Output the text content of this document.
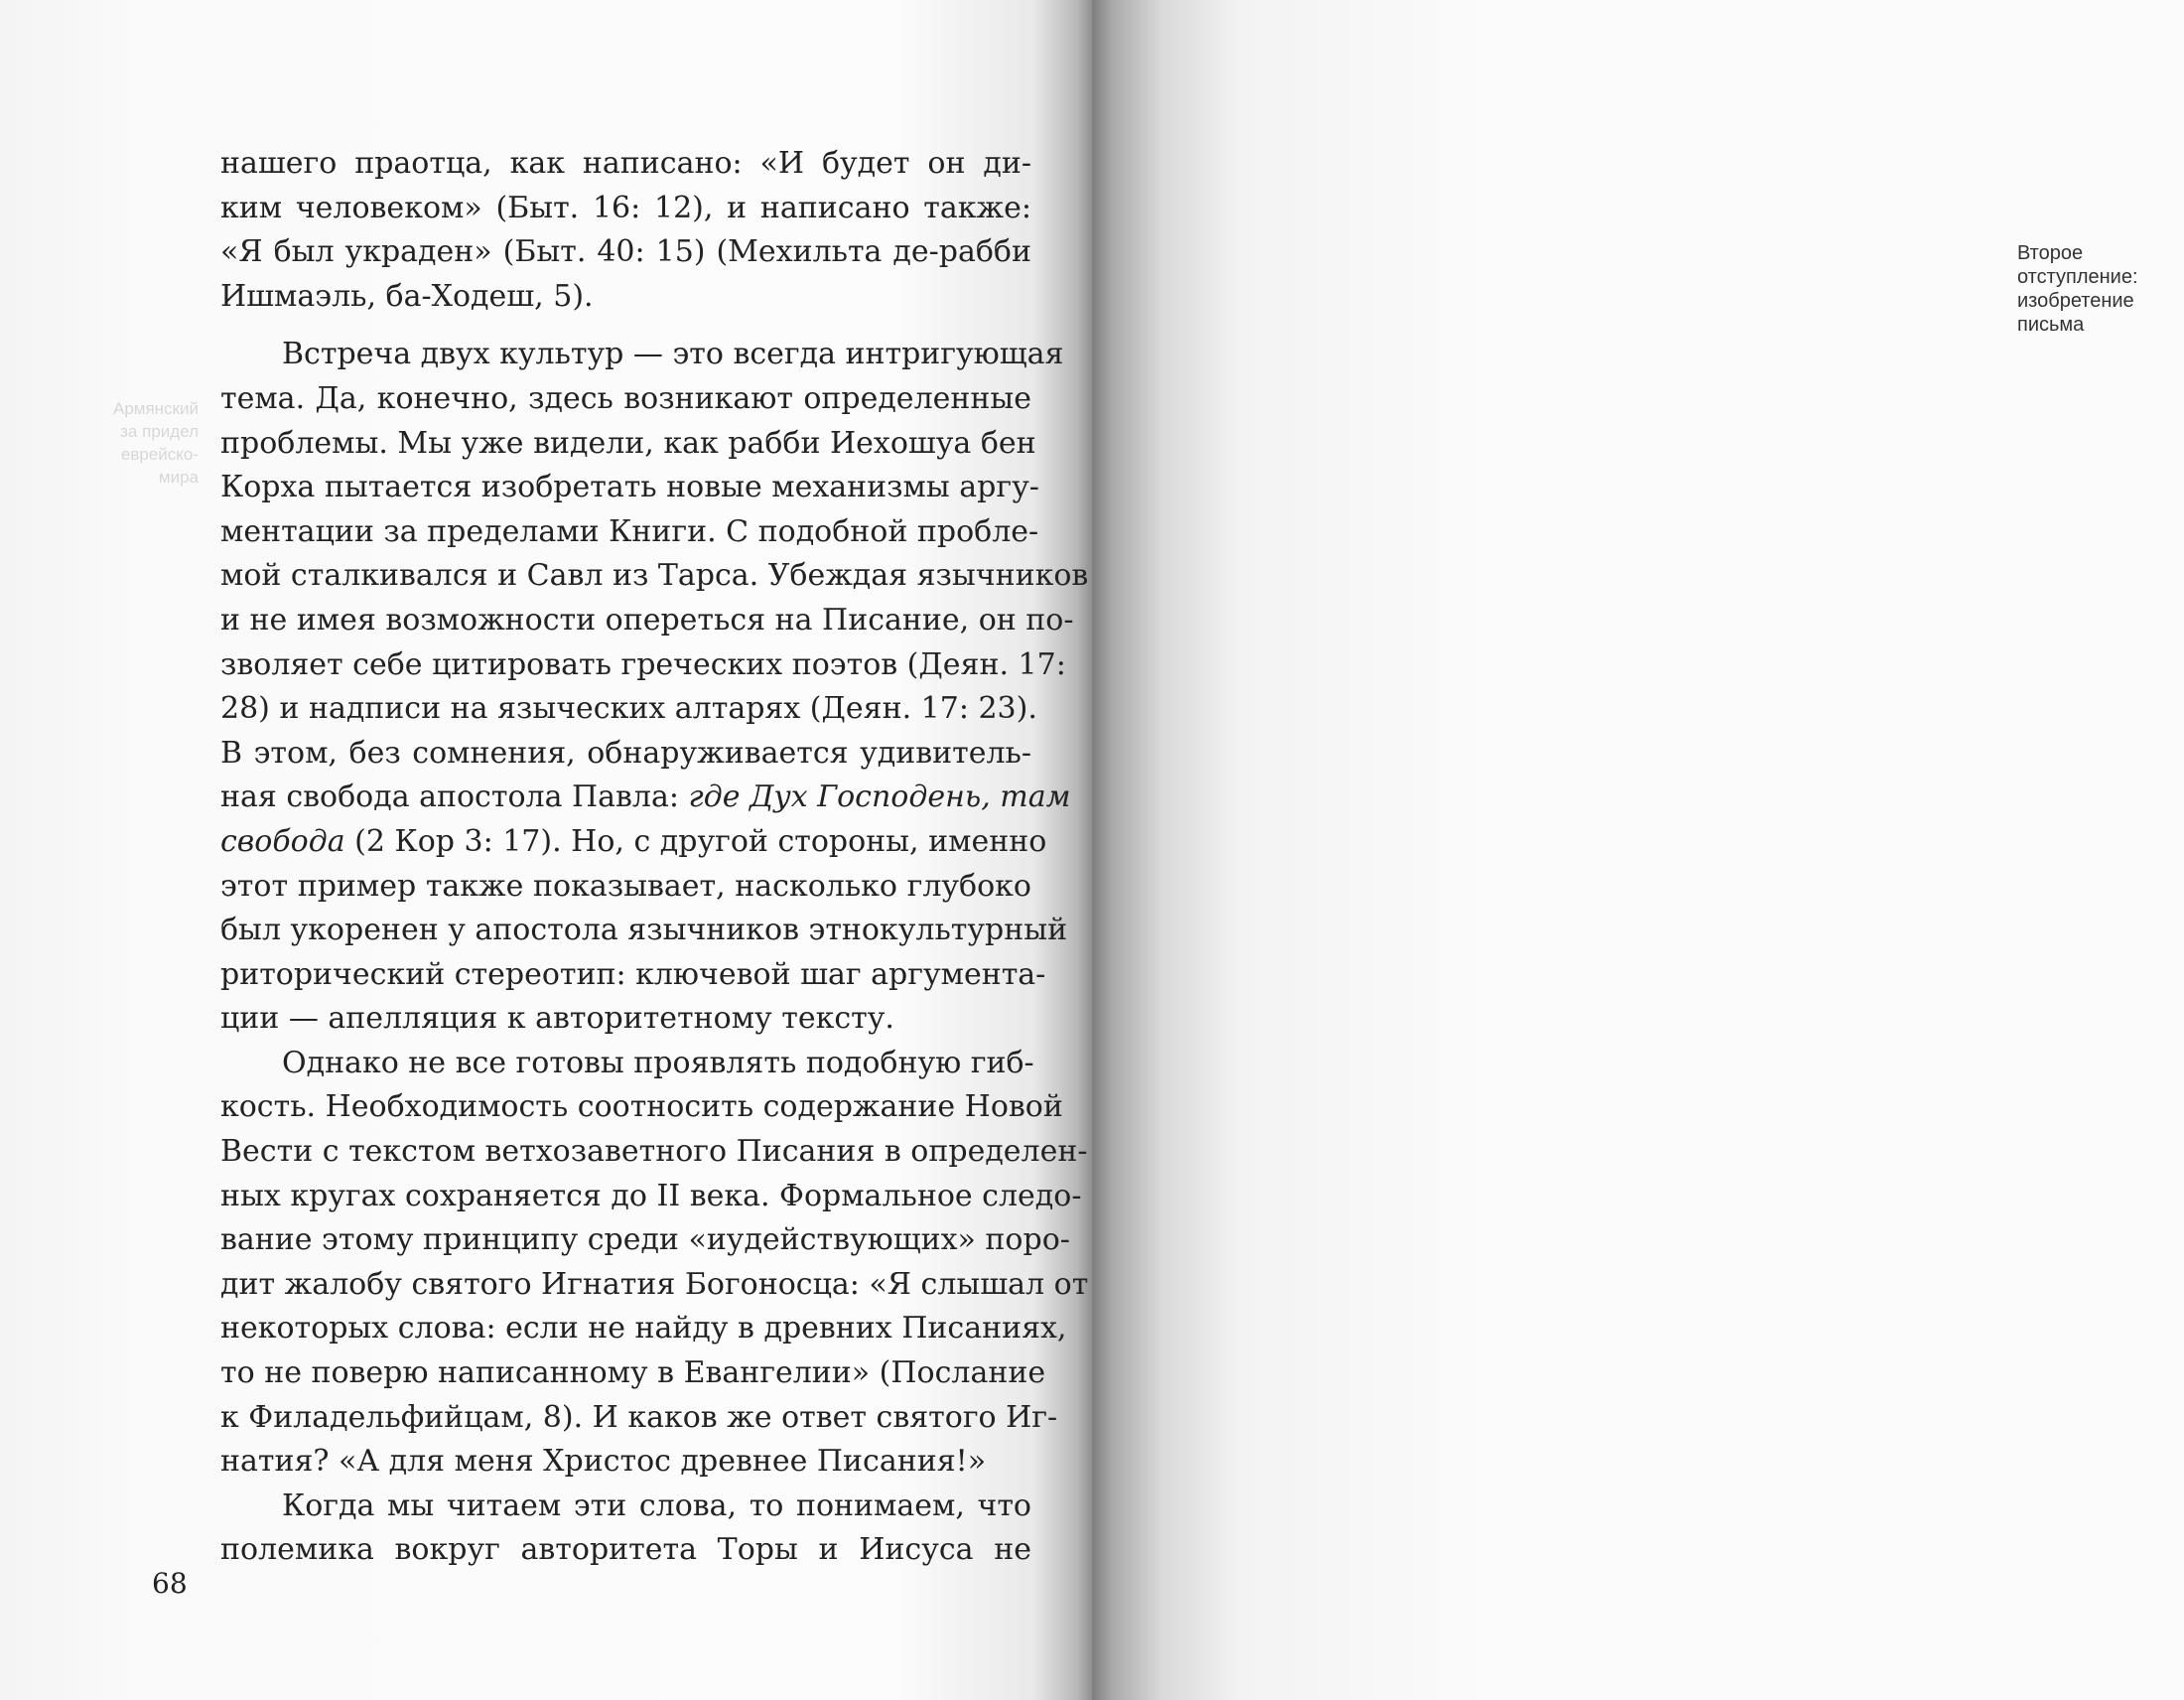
Армянский
за придел
еврейско-
мира
нашего праотца, как написано: «И будет он ди-
ким человеком» (Быт. 16: 12), и написано также:
«Я был украден» (Быт. 40: 15) (Мехильта де-рабби
Ишмаэль, ба-Ходеш, 5).
Встреча двух культур — это всегда интригующая
тема. Да, конечно, здесь возникают определенные
проблемы. Мы уже видели, как рабби Иехошуа бен
Корха пытается изобретать новые механизмы аргу-
ментации за пределами Книги. С подобной пробле-
мой сталкивался и Савл из Тарса. Убеждая язычников
и не имея возможности опереться на Писание, он по-
зволяет себе цитировать греческих поэтов (Деян. 17:
28) и надписи на языческих алтарях (Деян. 17: 23).
В этом, без сомнения, обнаруживается удивитель-
ная свобода апостола Павла: где Дух Господень, там
свобода (2 Кор 3: 17). Но, с другой стороны, именно
этот пример также показывает, насколько глубоко
был укоренен у апостола язычников этнокультурный
риторический стереотип: ключевой шаг аргумента-
ции — апелляция к авторитетному тексту.
Однако не все готовы проявлять подобную гиб-
кость. Необходимость соотносить содержание Новой
Вести с текстом ветхозаветного Писания в определен-
ных кругах сохраняется до II века. Формальное следо-
вание этому принципу среди «иудействующих» поро-
дит жалобу святого Игнатия Богоносца: «Я слышал от
некоторых слова: если не найду в древних Писаниях,
то не поверю написанному в Евангелии» (Послание
к Филадельфийцам, 8). И каков же ответ святого Иг-
натия? «А для меня Христос древнее Писания!»
Когда мы читаем эти слова, то понимаем, что
полемика вокруг авторитета Торы и Иисуса не
68
Второе
отступление:
изобретение
письма
